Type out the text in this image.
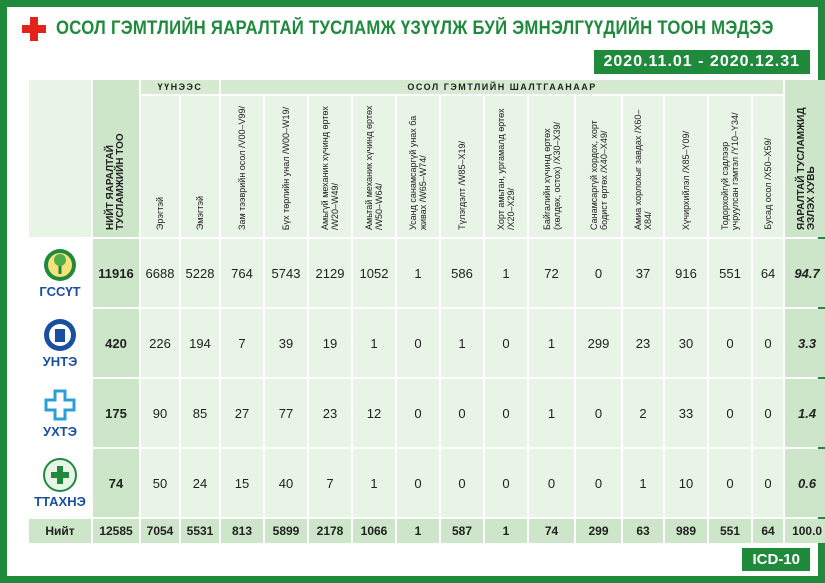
ОСОЛ ГЭМТЛИЙН ЯАРАЛТАЙ ТУСЛАМЖ ҮЗҮҮЛЖ БУЙ ЭМНЭЛГҮҮДИЙН ТООН МЭДЭЭ
2020.11.01 - 2020.12.31
	НИЙТ ЯАРАЛТАЙ ТУСЛАМЖИЙН ТОО	ҮҮНЭЭС		ОСОЛ ГЭМТЛИЙН ШАЛТГААНААР													ЯАРАЛТАЙ ТУСЛАМЖИД ЭЗЛЭХ ХУВЬ
		Эрэгтэй	Эмэгтэй	Зам тээврийн осол /V00–V99/	Бүх төрлийн унал /W00–W19/	Амьгүй механик хүчинд өртөх /W20–W49/	Амьтай механик хүчинд өртөх /W50–W64/	Усанд санамсаргүй унах ба живах /W65–W74/	Түлэгдэлт /W85–X19/	Хорт амьтан, ургамалд өртөх /X20–X29/	Байгалийн хүчинд өртөх (хөлдөх, остох) /X30–X39/	Санамсаргүй хордох, хорт бодист өртөх /X40–X49/	Амиа хорлохыг завдах /X60–X84/	Хүчирхийлэл /X85–Y09/	Тодорхойгүй сэдлээр учруулсан гэмтэл /Y10–Y34/	Бусад осол /X50–X59/	

ГССҮТ	11916	6688	5228	764	5743	2129	1052	1	586	1	72	0	37	916	551	64	94.7

УНТЭ	420	226	194	7	39	19	1	0	1	0	1	299	23	30	0	0	3.3

УХТЭ	175	90	85	27	77	23	12	0	0	0	1	0	2	33	0	0	1.4

ТТАХНЭ	74	50	24	15	40	7	1	0	0	0	0	0	1	10	0	0	0.6
Нийт	12585	7054	5531	813	5899	2178	1066	1	587	1	74	299	63	989	551	64	100.0
ICD-10
